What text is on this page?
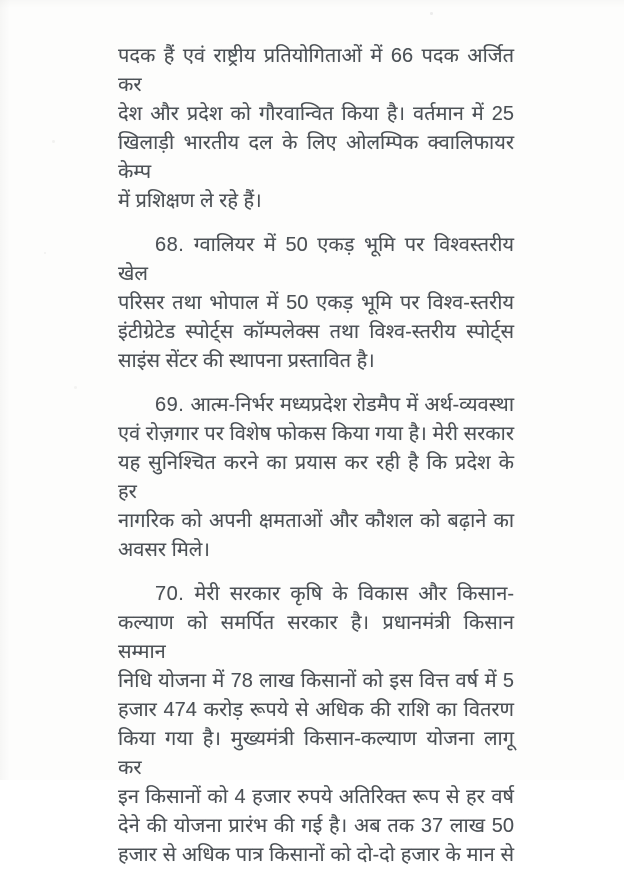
पदक हैं एवं राष्ट्रीय प्रतियोगिताओं में 66 पदक अर्जित कर
देश और प्रदेश को गौरवान्वित किया है। वर्तमान में 25
खिलाड़ी भारतीय दल के लिए ओलम्पिक क्वालिफायर केम्प
में प्रशिक्षण ले रहे हैं।

68. ग्वालियर में 50 एकड़ भूमि पर विश्वस्तरीय खेल
परिसर तथा भोपाल में 50 एकड़ भूमि पर विश्व-स्तरीय
इंटीग्रेटेड स्पोर्ट्स कॉम्पलेक्स तथा विश्व-स्तरीय स्पोर्ट्स
साइंस सेंटर की स्थापना प्रस्तावित है।

69. आत्म-निर्भर मध्यप्रदेश रोडमैप में अर्थ-व्यवस्था
एवं रोज़गार पर विशेष फोकस किया गया है। मेरी सरकार
यह सुनिश्चित करने का प्रयास कर रही है कि प्रदेश के हर
नागरिक को अपनी क्षमताओं और कौशल को बढ़ाने का
अवसर मिले।

70. मेरी सरकार कृषि के विकास और किसान-
कल्याण को समर्पित सरकार है। प्रधानमंत्री किसान सम्मान
निधि योजना में 78 लाख किसानों को इस वित्त वर्ष में 5
हजार 474 करोड़ रूपये से अधिक की राशि का वितरण
किया गया है। मुख्यमंत्री किसान-कल्याण योजना लागू कर
इन किसानों को 4 हजार रुपये अतिरिक्त रूप से हर वर्ष
देने की योजना प्रारंभ की गई है। अब तक 37 लाख 50
हजार से अधिक पात्र किसानों को दो-दो हजार के मान से
